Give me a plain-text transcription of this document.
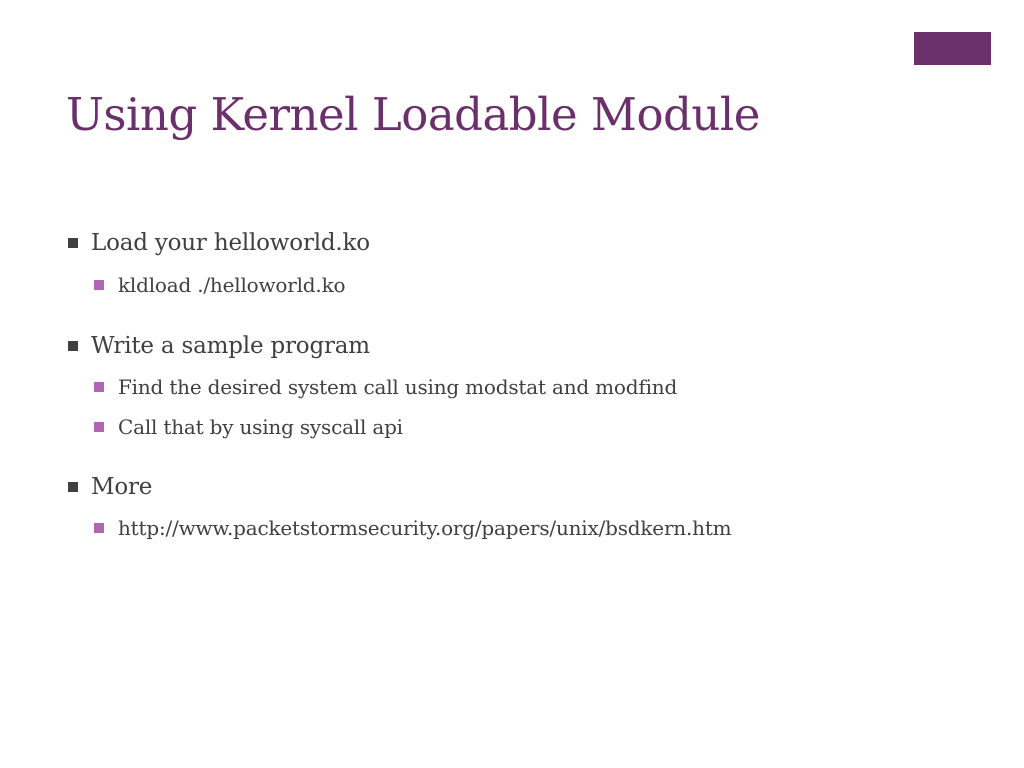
Using Kernel Loadable Module
Load your helloworld.ko
kldload ./helloworld.ko
Write a sample program
Find the desired system call using modstat and modfind
Call that by using syscall api
More
http://www.packetstormsecurity.org/papers/unix/bsdkern.htm
